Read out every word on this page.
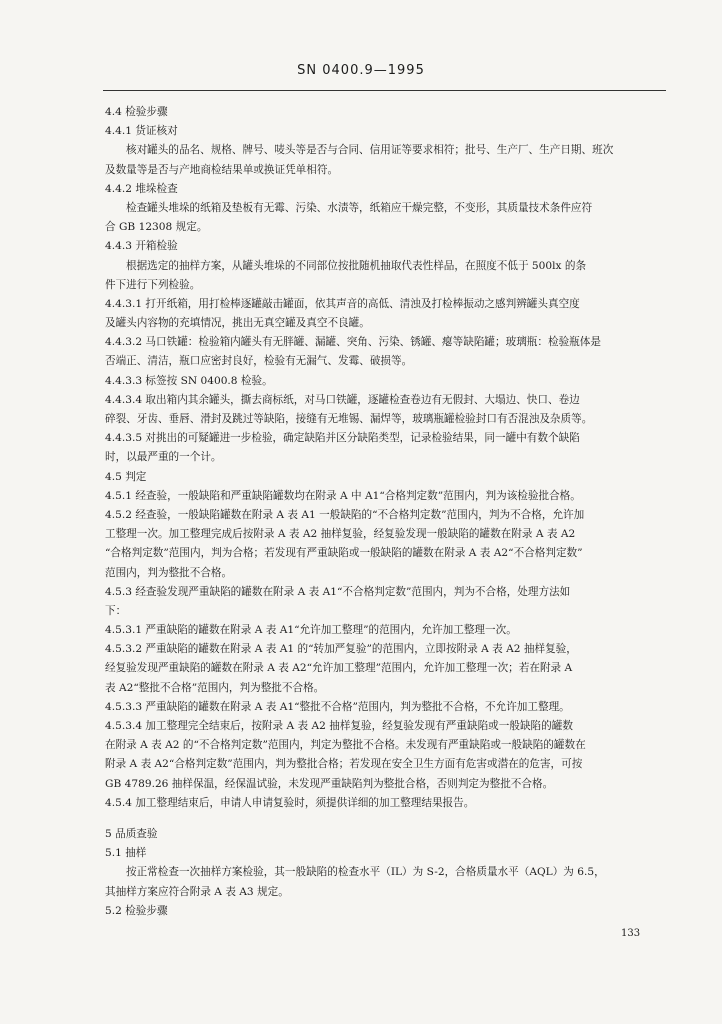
SN 0400.9—1995
4.4 检验步骤
4.4.1 货证核对
核对罐头的品名、规格、牌号、唛头等是否与合同、信用证等要求相符；批号、生产厂、生产日期、班次
及数量等是否与产地商检结果单或换证凭单相符。
4.4.2 堆垛检查
检查罐头堆垛的纸箱及垫板有无霉、污染、水渍等，纸箱应干燥完整，不变形，其质量技术条件应符
合 GB 12308 规定。
4.4.3 开箱检验
根据选定的抽样方案，从罐头堆垛的不同部位按批随机抽取代表性样品，在照度不低于 500lx 的条
件下进行下列检验。
4.4.3.1 打开纸箱，用打检棒逐罐敲击罐面，依其声音的高低、清浊及打检棒振动之感判辨罐头真空度
及罐头内容物的充填情况，挑出无真空罐及真空不良罐。
4.4.3.2 马口铁罐：检验箱内罐头有无胖罐、漏罐、突角、污染、锈罐、瘪等缺陷罐；玻璃瓶：检验瓶体是
否端正、清洁，瓶口应密封良好，检验有无漏气、发霉、破损等。
4.4.3.3 标签按 SN 0400.8 检验。
4.4.3.4 取出箱内其余罐头，撕去商标纸，对马口铁罐，逐罐检查卷边有无假封、大塌边、快口、卷边
碎裂、牙齿、垂唇、滑封及跳过等缺陷，接缝有无堆锡、漏焊等，玻璃瓶罐检验封口有否混浊及杂质等。
4.4.3.5 对挑出的可疑罐进一步检验，确定缺陷并区分缺陷类型，记录检验结果，同一罐中有数个缺陷
时，以最严重的一个计。
4.5 判定
4.5.1 经查验，一般缺陷和严重缺陷罐数均在附录 A 中 A1“合格判定数”范围内，判为该检验批合格。
4.5.2 经查验，一般缺陷罐数在附录 A 表 A1 一般缺陷的“不合格判定数”范围内，判为不合格，允许加
工整理一次。加工整理完成后按附录 A 表 A2 抽样复验，经复验发现一般缺陷的罐数在附录 A 表 A2
“合格判定数”范围内，判为合格；若发现有严重缺陷或一般缺陷的罐数在附录 A 表 A2“不合格判定数”
范围内，判为整批不合格。
4.5.3 经查验发现严重缺陷的罐数在附录 A 表 A1“不合格判定数”范围内，判为不合格，处理方法如
下：
4.5.3.1 严重缺陷的罐数在附录 A 表 A1“允许加工整理”的范围内，允许加工整理一次。
4.5.3.2 严重缺陷的罐数在附录 A 表 A1 的“转加严复验”的范围内，立即按附录 A 表 A2 抽样复验，
经复验发现严重缺陷的罐数在附录 A 表 A2“允许加工整理”范围内，允许加工整理一次；若在附录 A
表 A2“整批不合格”范围内，判为整批不合格。
4.5.3.3 严重缺陷的罐数在附录 A 表 A1“整批不合格”范围内，判为整批不合格，不允许加工整理。
4.5.3.4 加工整理完全结束后，按附录 A 表 A2 抽样复验，经复验发现有严重缺陷或一般缺陷的罐数
在附录 A 表 A2 的“不合格判定数”范围内，判定为整批不合格。未发现有严重缺陷或一般缺陷的罐数在
附录 A 表 A2“合格判定数”范围内，判为整批合格；若发现在安全卫生方面有危害或潜在的危害，可按
GB 4789.26 抽样保温，经保温试验，未发现严重缺陷判为整批合格，否则判定为整批不合格。
4.5.4 加工整理结束后，申请人申请复验时，须提供详细的加工整理结果报告。
5 品质查验
5.1 抽样
按正常检查一次抽样方案检验，其一般缺陷的检查水平（IL）为 S-2，合格质量水平（AQL）为 6.5，
其抽样方案应符合附录 A 表 A3 规定。
5.2 检验步骤
133
